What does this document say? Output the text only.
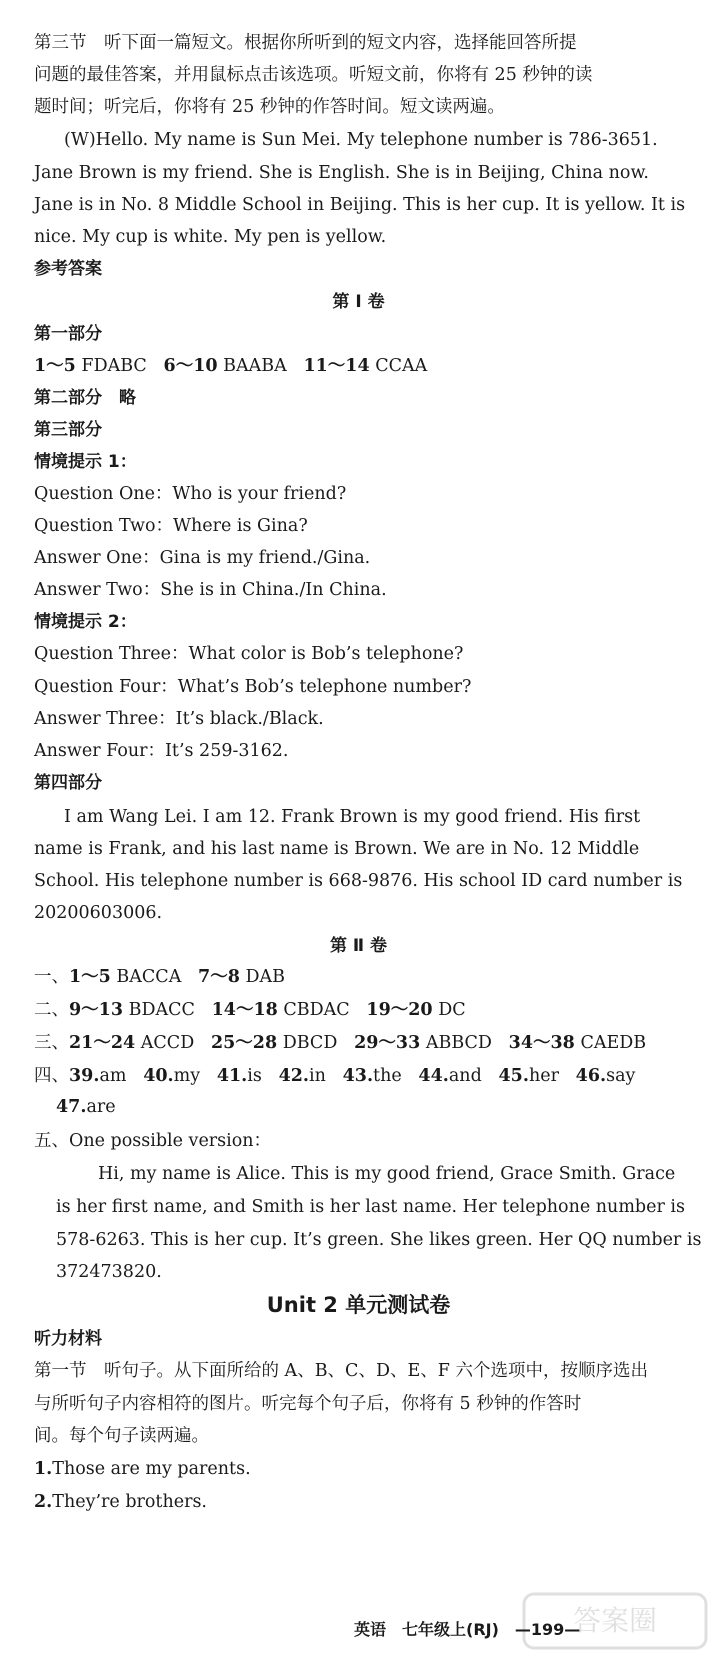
第三节　听下面一篇短文。根据你所听到的短文内容，选择能回答所提
问题的最佳答案，并用鼠标点击该选项。听短文前，你将有 25 秒钟的读
题时间；听完后，你将有 25 秒钟的作答时间。短文读两遍。
(W)Hello. My name is Sun Mei. My telephone number is 786-3651.
Jane Brown is my friend. She is English. She is in Beijing, China now.
Jane is in No. 8 Middle School in Beijing. This is her cup. It is yellow. It is
nice. My cup is white. My pen is yellow.
参考答案
第 I 卷
第一部分
1～5 FDABC 6～10 BAABA 11～14 CCAA
第二部分　略
第三部分
情境提示 1：
Question One：Who is your friend?
Question Two：Where is Gina?
Answer One：Gina is my friend./Gina.
Answer Two：She is in China./In China.
情境提示 2：
Question Three：What color is Bob’s telephone?
Question Four：What’s Bob’s telephone number?
Answer Three：It’s black./Black.
Answer Four：It’s 259-3162.
第四部分
I am Wang Lei. I am 12. Frank Brown is my good friend. His first
name is Frank, and his last name is Brown. We are in No. 12 Middle
School. His telephone number is 668-9876. His school ID card number is
20200603006.
第 Ⅱ 卷
一、1～5 BACCA 7～8 DAB
二、9～13 BDACC 14～18 CBDAC 19～20 DC
三、21～24 ACCD 25～28 DBCD 29～33 ABBCD 34～38 CAEDB
四、39.am 40.my 41.is 42.in 43.the 44.and 45.her 46.say
47.are
五、One possible version：
Hi, my name is Alice. This is my good friend, Grace Smith. Grace
is her first name, and Smith is her last name. Her telephone number is
578-6263. This is her cup. It’s green. She likes green. Her QQ number is
372473820.
Unit 2 单元测试卷
听力材料
第一节　听句子。从下面所给的 A、B、C、D、E、F 六个选项中，按顺序选出
与所听句子内容相符的图片。听完每个句子后，你将有 5 秒钟的作答时
间。每个句子读两遍。
1.Those are my parents.
2.They’re brothers.
答案圈
英语　七年级上(RJ)　—199—
